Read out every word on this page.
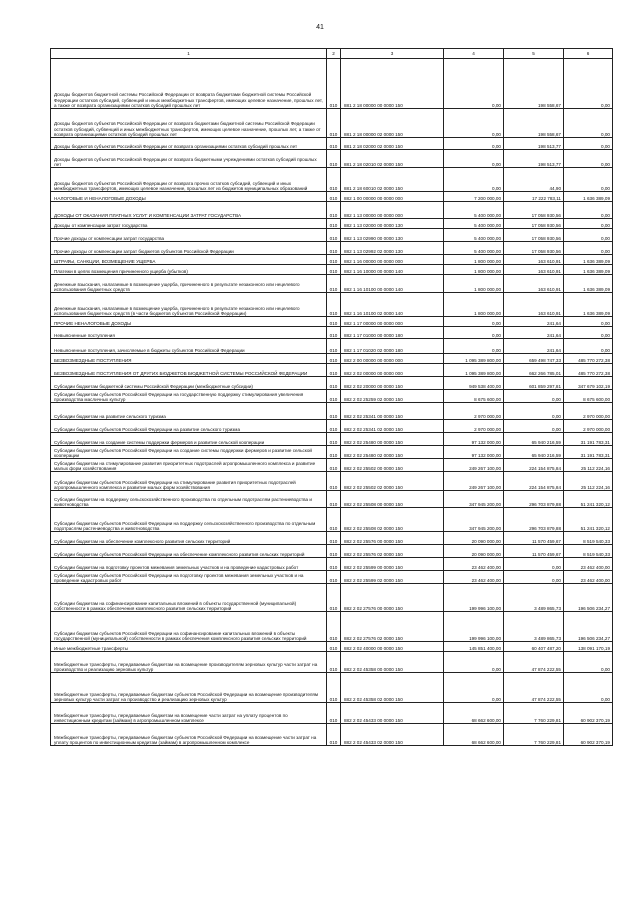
41
1	2	3	4	5	6
Доходы бюджетов бюджетной системы Российской Федерации от возврата бюджетами бюджетной системы Российской Федерации остатков субсидий, субвенций и иных межбюджетных трансфертов, имеющих целевое назначение, прошлых лет, а также от возврата организациями остатков субсидий прошлых лет	010	881 2 18 00000 00 0000 150	0,00	198 558,67	0,00
Доходы бюджетов субъектов Российской Федерации от возврата бюджетами бюджетной системы Российской Федерации остатков субсидий, субвенций и иных межбюджетных трансфертов, имеющих целевое назначение, прошлых лет, а также от возврата организациями остатков субсидий прошлых лет	010	881 2 18 00000 02 0000 150	0,00	198 558,67	0,00
Доходы бюджетов субъектов Российской Федерации от возврата организациями остатков субсидий прошлых лет	010	881 2 18 02000 02 0000 150	0,00	198 513,77	0,00
Доходы бюджетов субъектов Российской Федерации от возврата бюджетными учреждениями остатков субсидий прошлых лет	010	881 2 18 02010 02 0000 150	0,00	198 513,77	0,00
Доходы бюджетов субъектов Российской Федерации от возврата прочих остатков субсидий, субвенций и иных межбюджетных трансфертов, имеющих целевое назначение, прошлых лет из бюджетов муниципальных образований	010	881 2 18 60010 02 0000 150	0,00	44,90	0,00
НАЛОГОВЫЕ И НЕНАЛОГОВЫЕ ДОХОДЫ	010	882 1 00 00000 00 0000 000	7 200 000,00	17 222 783,11	1 636 389,09
ДОХОДЫ ОТ ОКАЗАНИЯ ПЛАТНЫХ УСЛУГ И КОМПЕНСАЦИИ ЗАТРАТ ГОСУДАРСТВА	010	882 1 13 00000 00 0000 000	5 400 000,00	17 058 930,56	0,00
Доходы от компенсации затрат государства	010	882 1 13 02000 00 0000 130	5 400 000,00	17 058 930,56	0,00
Прочие доходы от компенсации затрат государства	010	882 1 13 02990 00 0000 130	5 400 000,00	17 058 930,56	0,00
Прочие доходы от компенсации затрат бюджетов субъектов Российской Федерации	010	882 1 13 02992 02 0000 130	5 400 000,00	17 058 930,56	0,00
ШТРАФЫ, САНКЦИИ, ВОЗМЕЩЕНИЕ УЩЕРБА	010	882 1 16 00000 00 0000 000	1 800 000,00	163 610,91	1 636 389,09
Платежи в целях возмещения причиненного ущерба (убытков)	010	882 1 16 10000 00 0000 140	1 800 000,00	163 610,91	1 636 389,09
Денежные взыскания, налагаемые в возмещение ущерба, причиненного в результате незаконного или нецелевого использования бюджетных средств	010	882 1 16 10100 00 0000 140	1 800 000,00	163 610,91	1 636 389,09
Денежные взыскания, налагаемые в возмещение ущерба, причиненного в результате незаконного или нецелевого использования бюджетных средств (в части бюджетов субъектов Российской Федерации)	010	882 1 16 10100 02 0000 140	1 800 000,00	163 610,91	1 636 389,09
ПРОЧИЕ НЕНАЛОГОВЫЕ ДОХОДЫ	010	882 1 17 00000 00 0000 000	0,00	241,64	0,00
Невыясненные поступления	010	882 1 17 01000 00 0000 180	0,00	241,64	0,00
Невыясненные поступления, зачисляемые в бюджеты субъектов Российской Федерации	010	882 1 17 01020 02 0000 180	0,00	241,64	0,00
БЕЗВОЗМЕЗДНЫЕ ПОСТУПЛЕНИЯ	010	882 2 00 00000 00 0000 000	1 095 389 800,00	659 498 747,33	485 770 272,38
БЕЗВОЗМЕЗДНЫЕ ПОСТУПЛЕНИЯ ОТ ДРУГИХ БЮДЖЕТОВ БЮДЖЕТНОЙ СИСТЕМЫ РОССИЙСКОЙ ФЕДЕРАЦИИ	010	882 2 02 00000 00 0000 000	1 095 389 800,00	662 266 785,01	485 770 272,38
Субсидии бюджетам бюджетной системы Российской Федерации (межбюджетные субсидии)	010	882 2 02 20000 00 0000 150	949 538 400,00	601 859 297,81	347 679 102,19
Субсидии бюджетам субъектов Российской Федерации на государственную поддержку стимулирования увеличения производства масличных культур	010	882 2 02 25259 02 0000 150	8 675 600,00	0,00	8 675 600,00
Субсидии бюджетам на развитие сельского туризма	010	882 2 02 25341 00 0000 150	2 970 000,00	0,00	2 970 000,00
Субсидии бюджетам субъектов Российской Федерации на развитие сельского туризма	010	882 2 02 25341 02 0000 150	2 970 000,00	0,00	2 970 000,00
Субсидии бюджетам на создание системы поддержки фермеров и развитие сельской кооперации	010	882 2 02 25480 00 0000 150	97 132 000,00	65 940 216,59	31 191 783,31
Субсидии бюджетам субъектов Российской Федерации на создание системы поддержки фермеров и развитие сельской кооперации	010	882 2 02 25480 02 0000 150	97 132 000,00	65 940 216,59	31 191 783,31
Субсидии бюджетам на стимулирование развития приоритетных подотраслей агропромышленного комплекса и развитие малых форм хозяйствования	010	882 2 02 25502 00 0000 150	249 267 100,00	224 154 875,84	25 112 224,16
Субсидии бюджетам субъектов Российской Федерации на стимулирование развития приоритетных подотраслей агропромышленного комплекса и развитие малых форм хозяйствования	010	882 2 02 25502 02 0000 150	249 267 100,00	224 154 875,84	25 112 224,16
Субсидии бюджетам на поддержку сельскохозяйственного производства по отдельным подотраслям растениеводства и животноводства	010	882 2 02 25508 00 0000 150	347 945 200,00	296 703 879,88	51 241 320,12
Субсидии бюджетам субъектов Российской Федерации на поддержку сельскохозяйственного производства по отдельным подотраслям растениеводства и животноводства	010	882 2 02 25508 02 0000 150	347 945 200,00	296 703 879,88	51 241 320,12
Субсидии бюджетам на обеспечение комплексного развития сельских территорий	010	882 2 02 25576 00 0000 150	20 090 000,00	11 570 459,67	8 519 540,33
Субсидии бюджетам субъектов Российской Федерации на обеспечение комплексного развития сельских территорий	010	882 2 02 25576 02 0000 150	20 090 000,00	11 570 459,67	8 519 540,33
Субсидии бюджетам на подготовку проектов межевания земельных участков и на проведение кадастровых работ	010	882 2 02 25599 00 0000 150	23 462 400,00	0,00	23 462 400,00
Субсидии бюджетам субъектов Российской Федерации на подготовку проектов межевания земельных участков и на проведение кадастровых работ	010	882 2 02 25599 02 0000 150	23 462 400,00	0,00	23 462 400,00
Субсидии бюджетам на софинансирование капитальных вложений в объекты государственной (муниципальной) собственности в рамках обеспечения комплексного развития сельских территорий	010	882 2 02 27576 00 0000 150	199 996 100,00	3 489 865,73	196 506 234,27
Субсидии бюджетам субъектов Российской Федерации на софинансирование капитальных вложений в объекты государственной (муниципальной) собственности в рамках обеспечения комплексного развития сельских территорий	010	882 2 02 27576 02 0000 150	199 996 100,00	3 489 865,73	196 506 234,27
Иные межбюджетные трансферты	010	882 2 02 40000 00 0000 150	145 851 400,00	60 407 487,20	138 091 170,19
Межбюджетные трансферты, передаваемые бюджетам на возмещение производителям зерновых культур части затрат на производство и реализацию зерновых культур	010	882 2 02 45358 00 0000 150	0,00	47 874 222,55	0,00
Межбюджетные трансферты, передаваемые бюджетам субъектов Российской Федерации на возмещение производителям зерновых культур части затрат на производство и реализацию зерновых культур	010	882 2 02 45358 02 0000 150	0,00	47 874 222,55	0,00
Межбюджетные трансферты, передаваемые бюджетам на возмещение части затрат на уплату процентов по инвестиционным кредитам (займам) в агропромышленном комплексе	010	882 2 02 45433 00 0000 150	68 662 600,00	7 760 229,81	60 902 370,19
Межбюджетные трансферты, передаваемые бюджетам субъектов Российской Федерации на возмещение части затрат на уплату процентов по инвестиционным кредитам (займам) в агропромышленном комплексе	010	882 2 02 45433 02 0000 150	68 662 600,00	7 760 229,81	60 902 370,19
